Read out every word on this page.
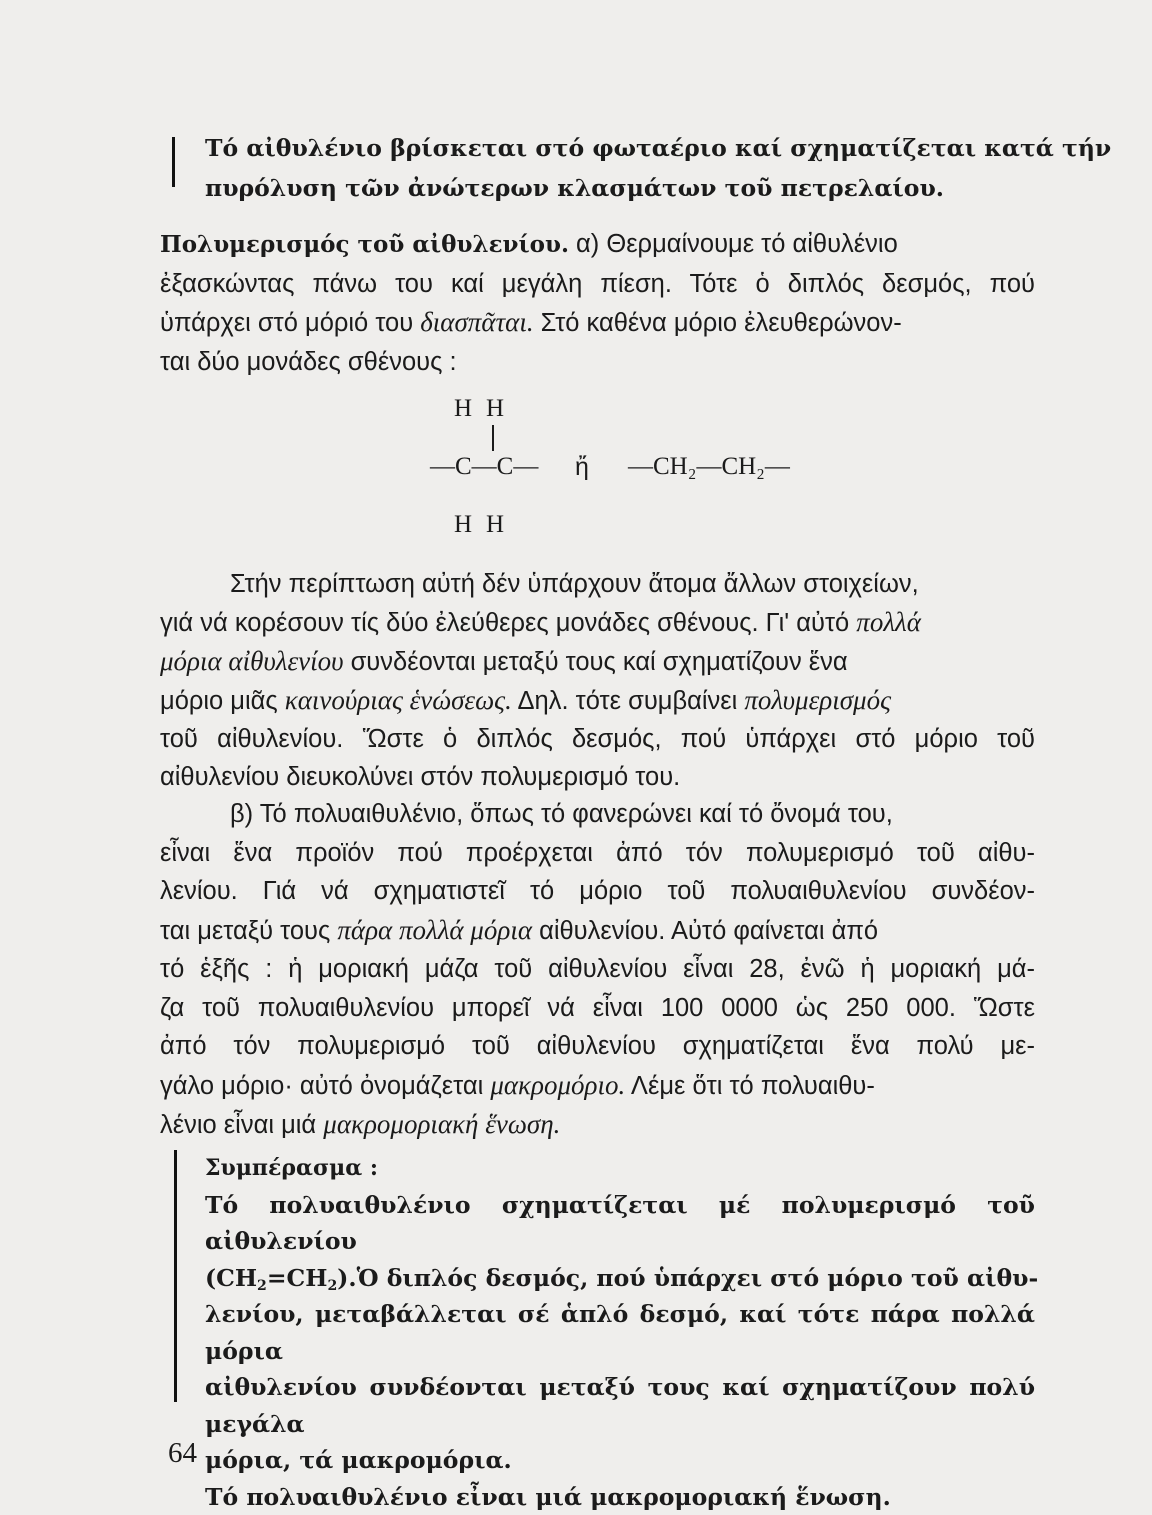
Τό αἰθυλένιο βρίσκεται στό φωταέριο καί σχηματίζεται κατά τήν
πυρόλυση τῶν ἀνώτερων κλασμάτων τοῦ πετρελαίου.
Πολυμερισμός τοῦ αἰθυλενίου. α) Θερμαίνουμε τό αἰθυλένιο
ἐξασκώντας πάνω του καί μεγάλη πίεση. Τότε ὁ διπλός δεσμός, πού
ὑπάρχει στό μόριό του διασπᾶται. Στό καθένα μόριο ἐλευθερώνον-
ται δύο μονάδες σθένους :
H H
—C—C— ἤ —CH₂—CH₂—
H H
Στήν περίπτωση αὐτή δέν ὑπάρχουν ἄτομα ἄλλων στοιχείων,
γιά νά κορέσουν τίς δύο ἐλεύθερες μονάδες σθένους. Γι' αὐτό πολλά
μόρια αἰθυλενίου συνδέονται μεταξύ τους καί σχηματίζουν ἕνα
μόριο μιᾶς καινούριας ἑνώσεως. Δηλ. τότε συμβαίνει πολυμερισμός
τοῦ αἰθυλενίου. Ὥστε ὁ διπλός δεσμός, πού ὑπάρχει στό μόριο τοῦ
αἰθυλενίου διευκολύνει στόν πολυμερισμό του.
β) Τό πολυαιθυλένιο, ὅπως τό φανερώνει καί τό ὄνομά του,
εἶναι ἕνα προϊόν πού προέρχεται ἀπό τόν πολυμερισμό τοῦ αἰθυ-
λενίου. Γιά νά σχηματιστεῖ τό μόριο τοῦ πολυαιθυλενίου συνδέον-
ται μεταξύ τους πάρα πολλά μόρια αἰθυλενίου. Αὐτό φαίνεται ἀπό
τό ἑξῆς : ἡ μοριακή μάζα τοῦ αἰθυλενίου εἶναι 28, ἐνῶ ἡ μοριακή μά-
ζα τοῦ πολυαιθυλενίου μπορεῖ νά εἶναι 100 0000 ὡς 250 000. Ὥστε
ἀπό τόν πολυμερισμό τοῦ αἰθυλενίου σχηματίζεται ἕνα πολύ με-
γάλο μόριο· αὐτό ὀνομάζεται μακρομόριο. Λέμε ὅτι τό πολυαιθυ-
λένιο εἶναι μιά μακρομοριακή ἕνωση.
Συμπέρασμα :
Τό πολυαιθυλένιο σχηματίζεται μέ πολυμερισμό τοῦ αἰθυλενίου
$(CH_2=CH_2).Ὁ$ διπλός δεσμός, πού ὑπάρχει στό μόριο τοῦ αἰθυ-
λενίου, μεταβάλλεται σέ ἁπλό δεσμό, καί τότε πάρα πολλά μόρια
αἰθυλενίου συνδέονται μεταξύ τους καί σχηματίζουν πολύ μεγάλα
μόρια, τά μακρομόρια.
Τό πολυαιθυλένιο εἶναι μιά μακρομοριακή ἕνωση.
64
